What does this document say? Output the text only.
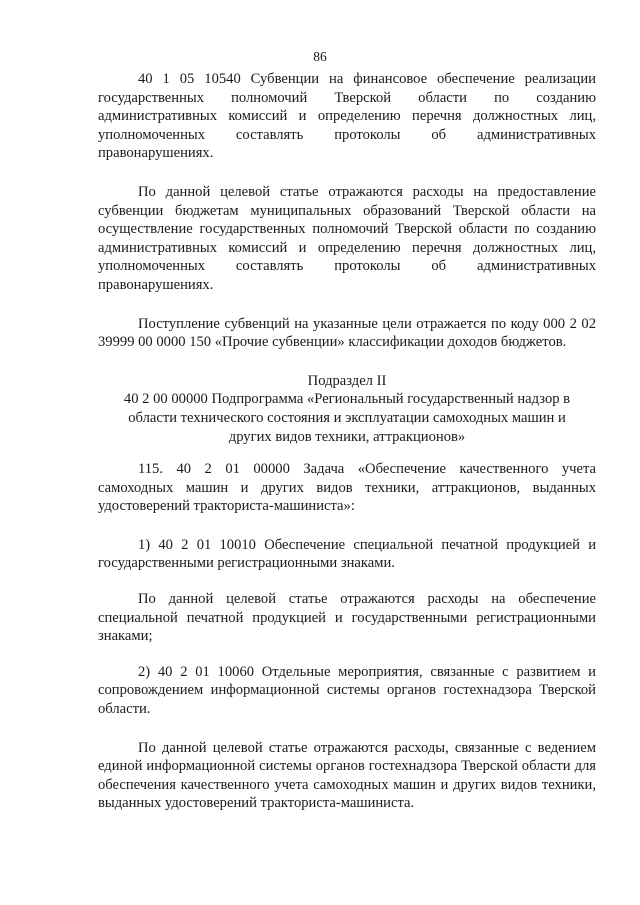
86

40 1 05 10540 Субвенции на финансовое обеспечение реализации государственных полномочий Тверской области по созданию административных комиссий и определению перечня должностных лиц, уполномоченных составлять протоколы об административных правонарушениях.

По данной целевой статье отражаются расходы на предоставление субвенции бюджетам муниципальных образований Тверской области на осуществление государственных полномочий Тверской области по созданию административных комиссий и определению перечня должностных лиц, уполномоченных составлять протоколы об административных правонарушениях.

Поступление субвенций на указанные цели отражается по коду 000 2 02 39999 00 0000 150 «Прочие субвенции» классификации доходов бюджетов.

Подраздел II

40 2 00 00000 Подпрограмма «Региональный государственный надзор в

области технического состояния и эксплуатации самоходных машин и

других видов техники, аттракционов»

115. 40 2 01 00000 Задача «Обеспечение качественного учета самоходных машин и других видов техники, аттракционов, выданных удостоверений тракториста-машиниста»:

1) 40 2 01 10010 Обеспечение специальной печатной продукцией и государственными регистрационными знаками.

По данной целевой статье отражаются расходы на обеспечение специальной печатной продукцией и государственными регистрационными знаками;

2) 40 2 01 10060 Отдельные мероприятия, связанные с развитием и сопровождением информационной системы органов гостехнадзора Тверской области.

По данной целевой статье отражаются расходы, связанные с ведением единой информационной системы органов гостехнадзора Тверской области для обеспечения качественного учета самоходных машин и других видов техники, выданных удостоверений тракториста-машиниста.
